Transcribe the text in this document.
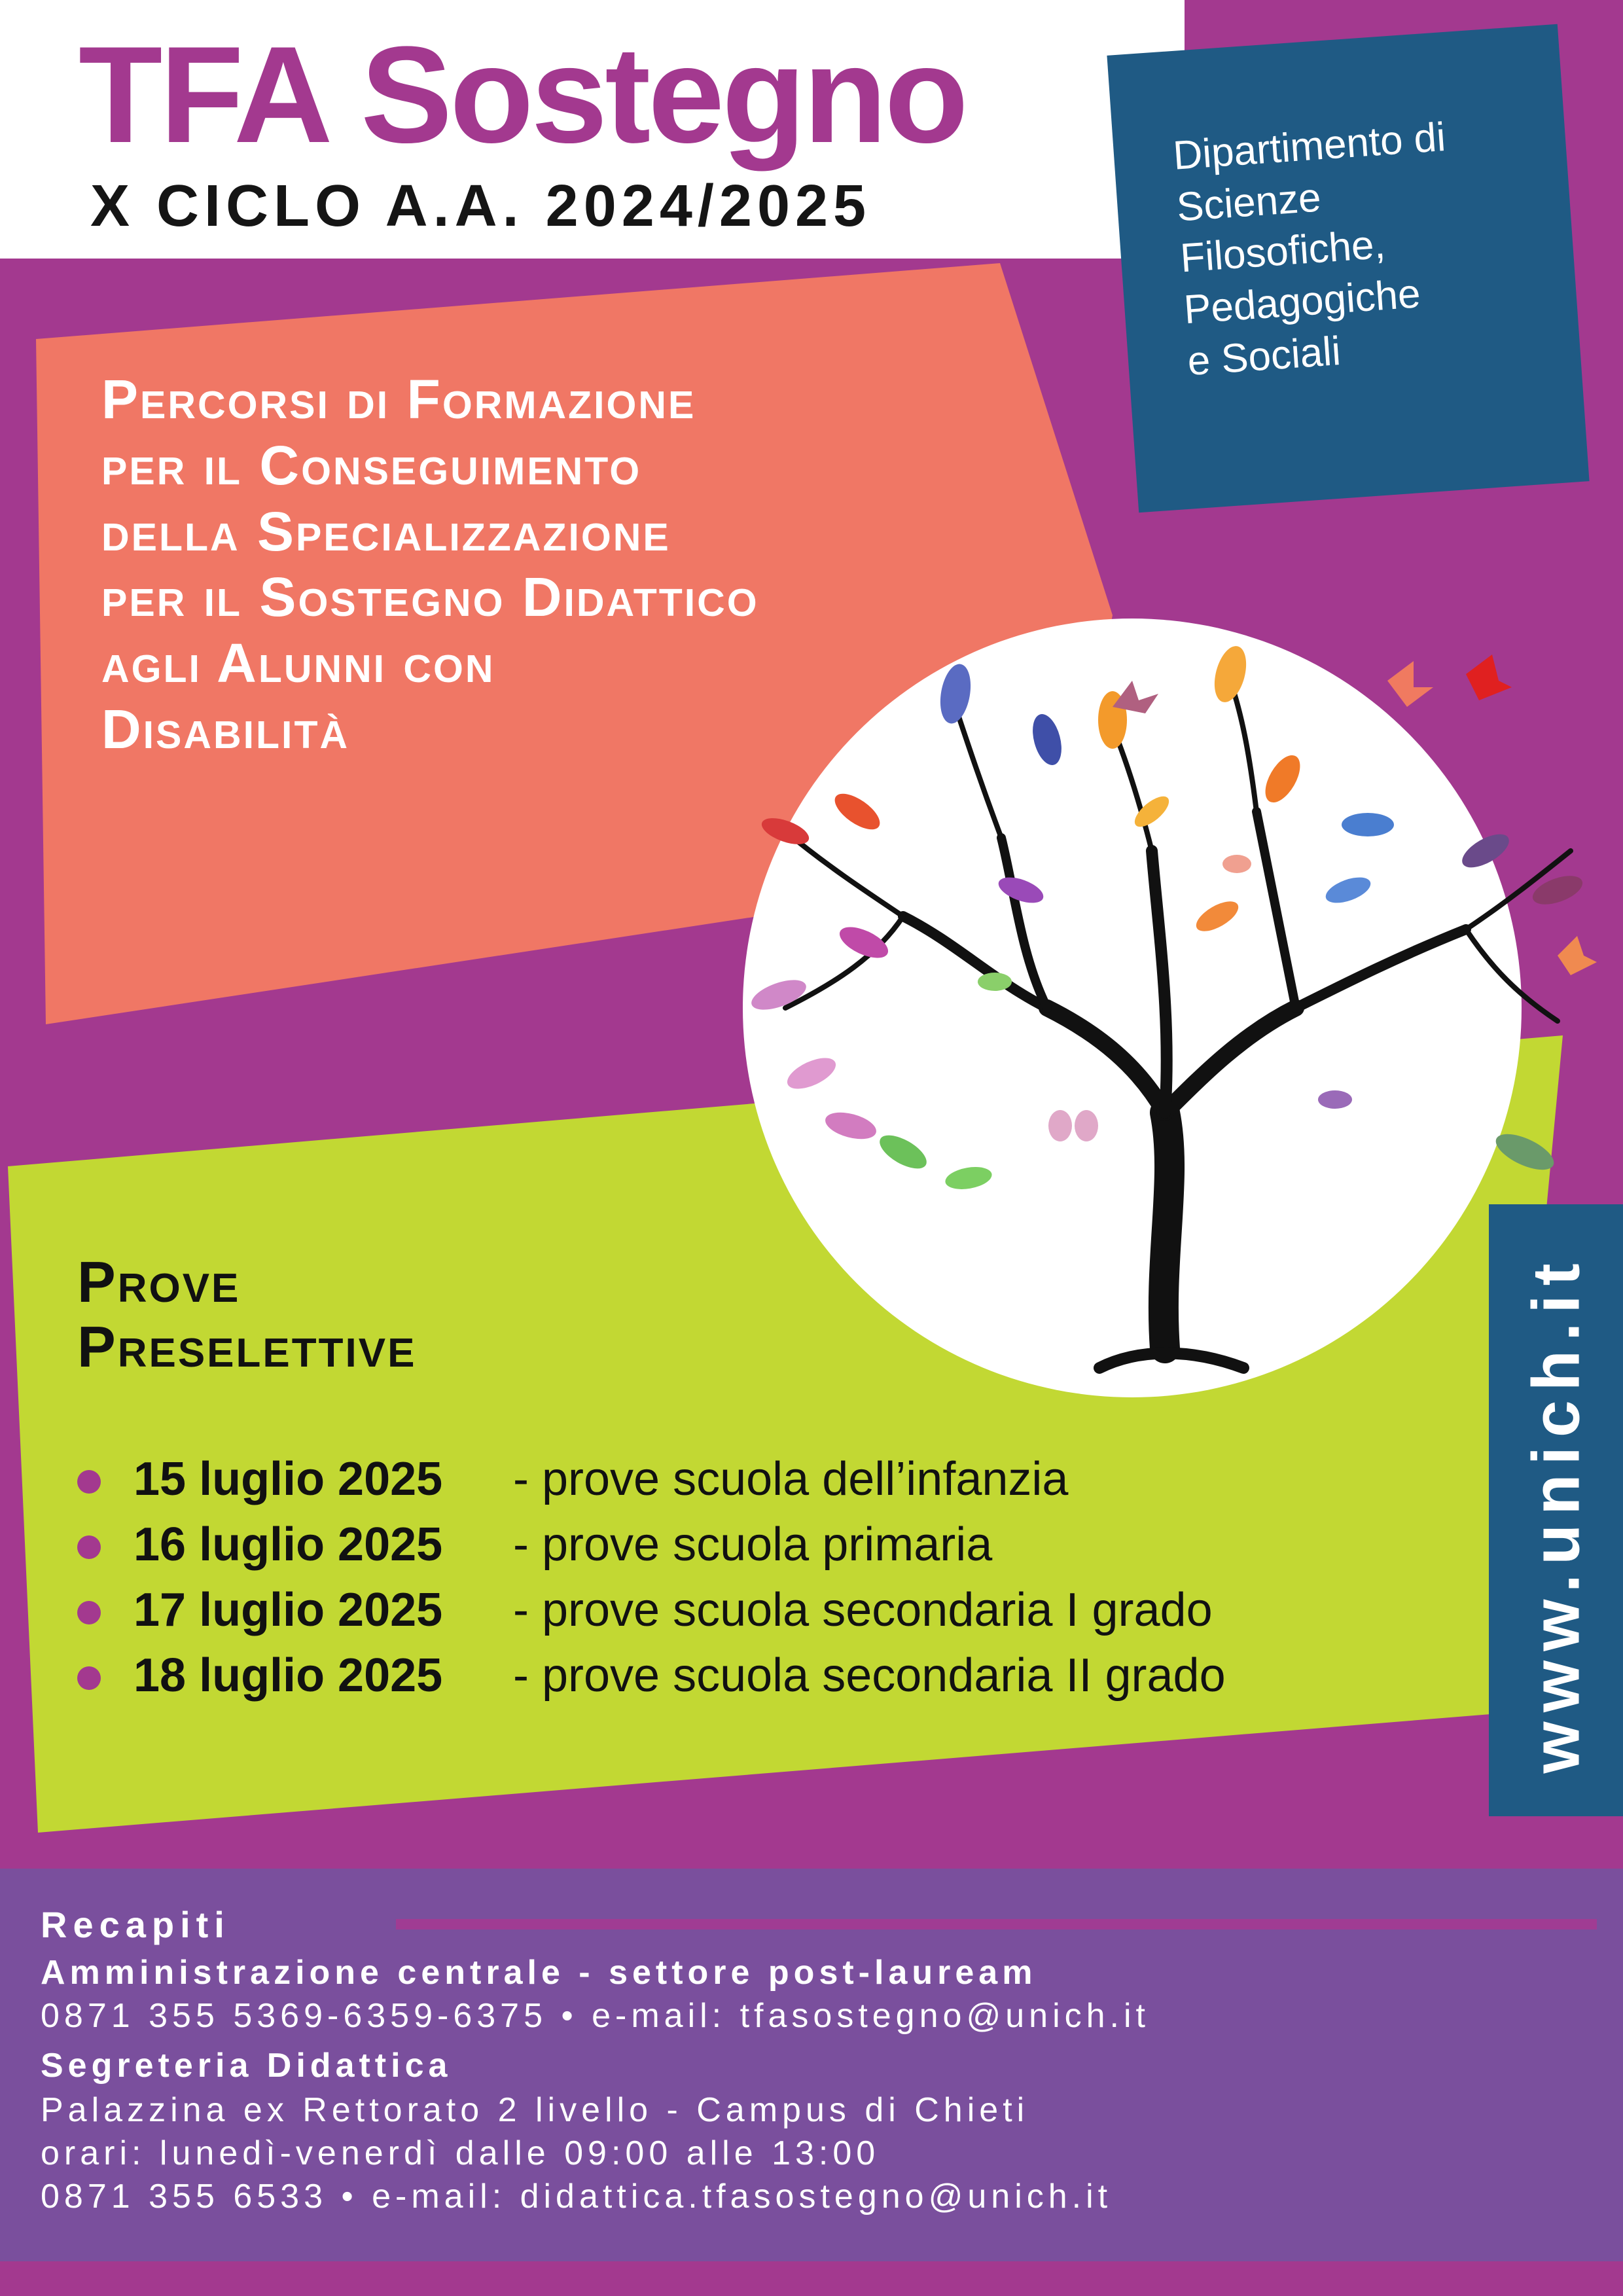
TFA Sostegno
X CICLO A.A. 2024/2025
Dipartimento di
Scienze
Filosofiche,
Pedagogiche
e Sociali
Percorsi di Formazione
per il Conseguimento
della Specializzazione
per il Sostegno Didattico
agli Alunni con
Disabilità
Prove
Preselettive
15 luglio 2025 - prove scuola dell’infanzia
16 luglio 2025 - prove scuola primaria
17 luglio 2025 - prove scuola secondaria I grado
18 luglio 2025 - prove scuola secondaria II grado	www.unich.it
Recapiti
Amministrazione centrale - settore post-lauream
0871 355 5369-6359-6375 • e-mail: tfasostegno@unich.it
Segreteria Didattica
Palazzina ex Rettorato 2 livello - Campus di Chieti
orari: lunedì-venerdì dalle 09:00 alle 13:00
0871 355 6533 • e-mail: didattica.tfasostegno@unich.it
